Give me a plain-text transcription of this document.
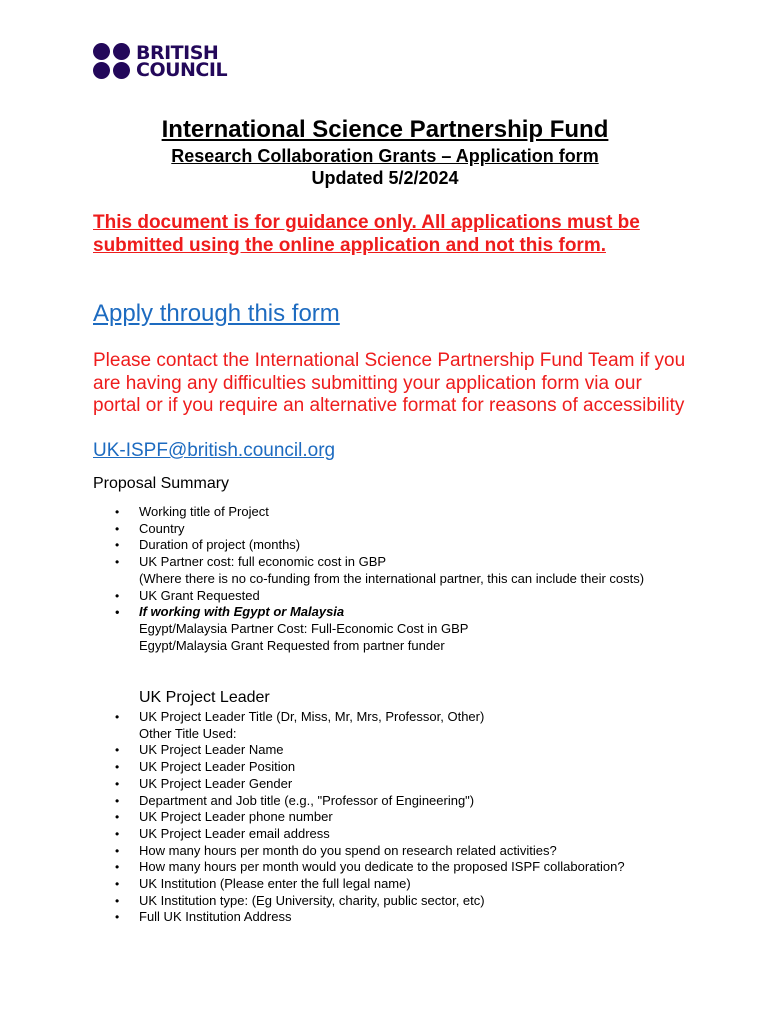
BRITISH
COUNCIL
International Science Partnership Fund
Research Collaboration Grants – Application form
Updated 5/2/2024
This document is for guidance only. All applications must be submitted using the online application and not this form.
Apply through this form
Please contact the International Science Partnership Fund Team if you are having any difficulties submitting your application form via our portal or if you require an alternative format for reasons of accessibility
UK-ISPF@british.council.org
Proposal Summary
• Working title of Project
• Country
• Duration of project (months)
• UK Partner cost: full economic cost in GBP
(Where there is no co-funding from the international partner, this can include their costs)
• UK Grant Requested
• If working with Egypt or Malaysia
Egypt/Malaysia Partner Cost: Full-Economic Cost in GBP
Egypt/Malaysia Grant Requested from partner funder
UK Project Leader
• UK Project Leader Title (Dr, Miss, Mr, Mrs, Professor, Other)
Other Title Used:
• UK Project Leader Name
• UK Project Leader Position
• UK Project Leader Gender
• Department and Job title (e.g., "Professor of Engineering")
• UK Project Leader phone number
• UK Project Leader email address
• How many hours per month do you spend on research related activities?
• How many hours per month would you dedicate to the proposed ISPF collaboration?
• UK Institution (Please enter the full legal name)
• UK Institution type: (Eg University, charity, public sector, etc)
• Full UK Institution Address
